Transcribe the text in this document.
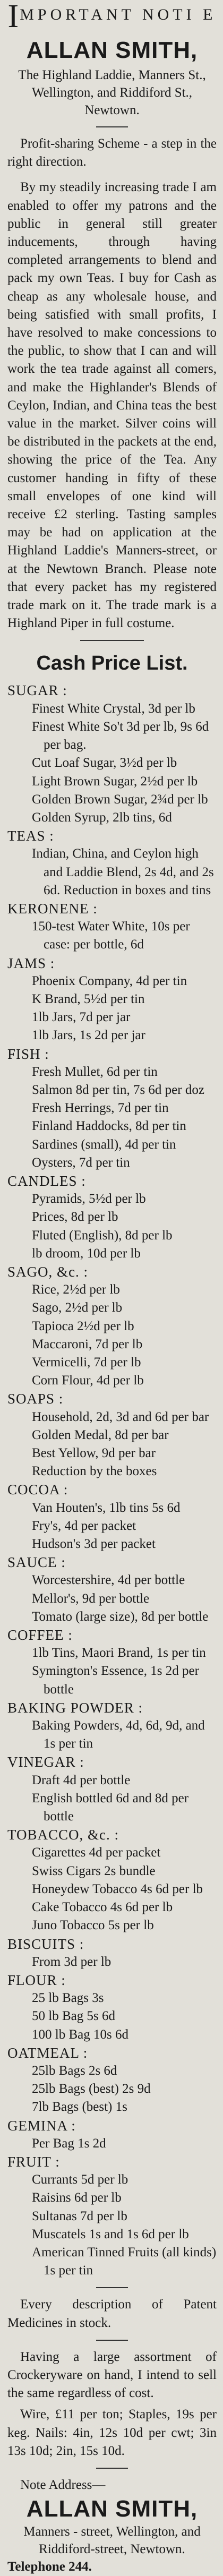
IMPORTANT NOTI E
ALLAN SMITH,
The Highland Laddie, Manners St.,
Wellington, and Riddiford St.,
Newtown.

Profit-sharing Scheme - a step in the right direction.

By my steadily increasing trade I am enabled to offer my patrons and the public in general still greater inducements, through having completed arrangements to blend and pack my own Teas. I buy for Cash as cheap as any wholesale house, and being satisfied with small profits, I have resolved to make concessions to the public, to show that I can and will work the tea trade against all comers, and make the Highlander's Blends of Ceylon, Indian, and China teas the best value in the market. Silver coins will be distributed in the packets at the end, showing the price of the Tea. Any customer handing in fifty of these small envelopes of one kind will receive £2 sterling. Tasting samples may be had on application at the Highland Laddie's Manners-street, or at the Newtown Branch. Please note that every packet has my registered trade mark on it. The trade mark is a Highland Piper in full costume.

Cash Price List.
SUGAR :
Finest White Crystal, 3d per lb
Finest White So't 3d per lb, 9s 6d per bag.
Cut Loaf Sugar, 3½d per lb
Light Brown Sugar, 2½d per lb
Golden Brown Sugar, 2¾d per lb
Golden Syrup, 2lb tins, 6d
TEAS :
Indian, China, and Ceylon high and Laddie Blend, 2s 4d, and 2s 6d. Reduction in boxes and tins
KERONENE :
150-test Water White, 10s per case: per bottle, 6d
JAMS :
Phoenix Company, 4d per tin
K Brand, 5½d per tin
1lb Jars, 7d per jar
1lb Jars, 1s 2d per jar
FISH :
Fresh Mullet, 6d per tin
Salmon 8d per tin, 7s 6d per doz
Fresh Herrings, 7d per tin
Finland Haddocks, 8d per tin
Sardines (small), 4d per tin
Oysters, 7d per tin
CANDLES :
Pyramids, 5½d per lb
Prices, 8d per lb
Fluted (English), 8d per lb
lb droom, 10d per lb
SAGO, &c. :
Rice, 2½d per lb
Sago, 2½d per lb
Tapioca 2½d per lb
Maccaroni, 7d per lb
Vermicelli, 7d per lb
Corn Flour, 4d per lb
SOAPS :
Household, 2d, 3d and 6d per bar
Golden Medal, 8d per bar
Best Yellow, 9d per bar
Reduction by the boxes
COCOA :
Van Houten's, 1lb tins 5s 6d
Fry's, 4d per packet
Hudson's 3d per packet
SAUCE :
Worcestershire, 4d per bottle
Mellor's, 9d per bottle
Tomato (large size), 8d per bottle
COFFEE :
1lb Tins, Maori Brand, 1s per tin
Symington's Essence, 1s 2d per bottle
BAKING POWDER :
Baking Powders, 4d, 6d, 9d, and 1s per tin
VINEGAR :
Draft 4d per bottle
English bottled 6d and 8d per bottle
TOBACCO, &c. :
Cigarettes 4d per packet
Swiss Cigars 2s bundle
Honeydew Tobacco 4s 6d per lb
Cake Tobacco 4s 6d per lb
Juno Tobacco 5s per lb
BISCUITS :
From 3d per lb
FLOUR :
25 lb Bags 3s
50 lb Bag 5s 6d
100 lb Bag 10s 6d
OATMEAL :
25lb Bags 2s 6d
25lb Bags (best) 2s 9d
7lb Bags (best) 1s
GEMINA :
Per Bag 1s 2d
FRUIT :
Currants 5d per lb
Raisins 6d per lb
Sultanas 7d per lb
Muscatels 1s and 1s 6d per lb
American Tinned Fruits (all kinds) 1s per tin

Every description of Patent Medicines in stock.

Having a large assortment of Crockeryware on hand, I intend to sell the same regardless of cost.

Wire, £11 per ton; Staples, 19s per keg. Nails: 4in, 12s 10d per cwt; 3in 13s 10d; 2in, 15s 10d.

Note Address—
ALLAN SMITH,
Manners - street, Wellington, and
Riddiford-street, Newtown.
Telephone 244.
